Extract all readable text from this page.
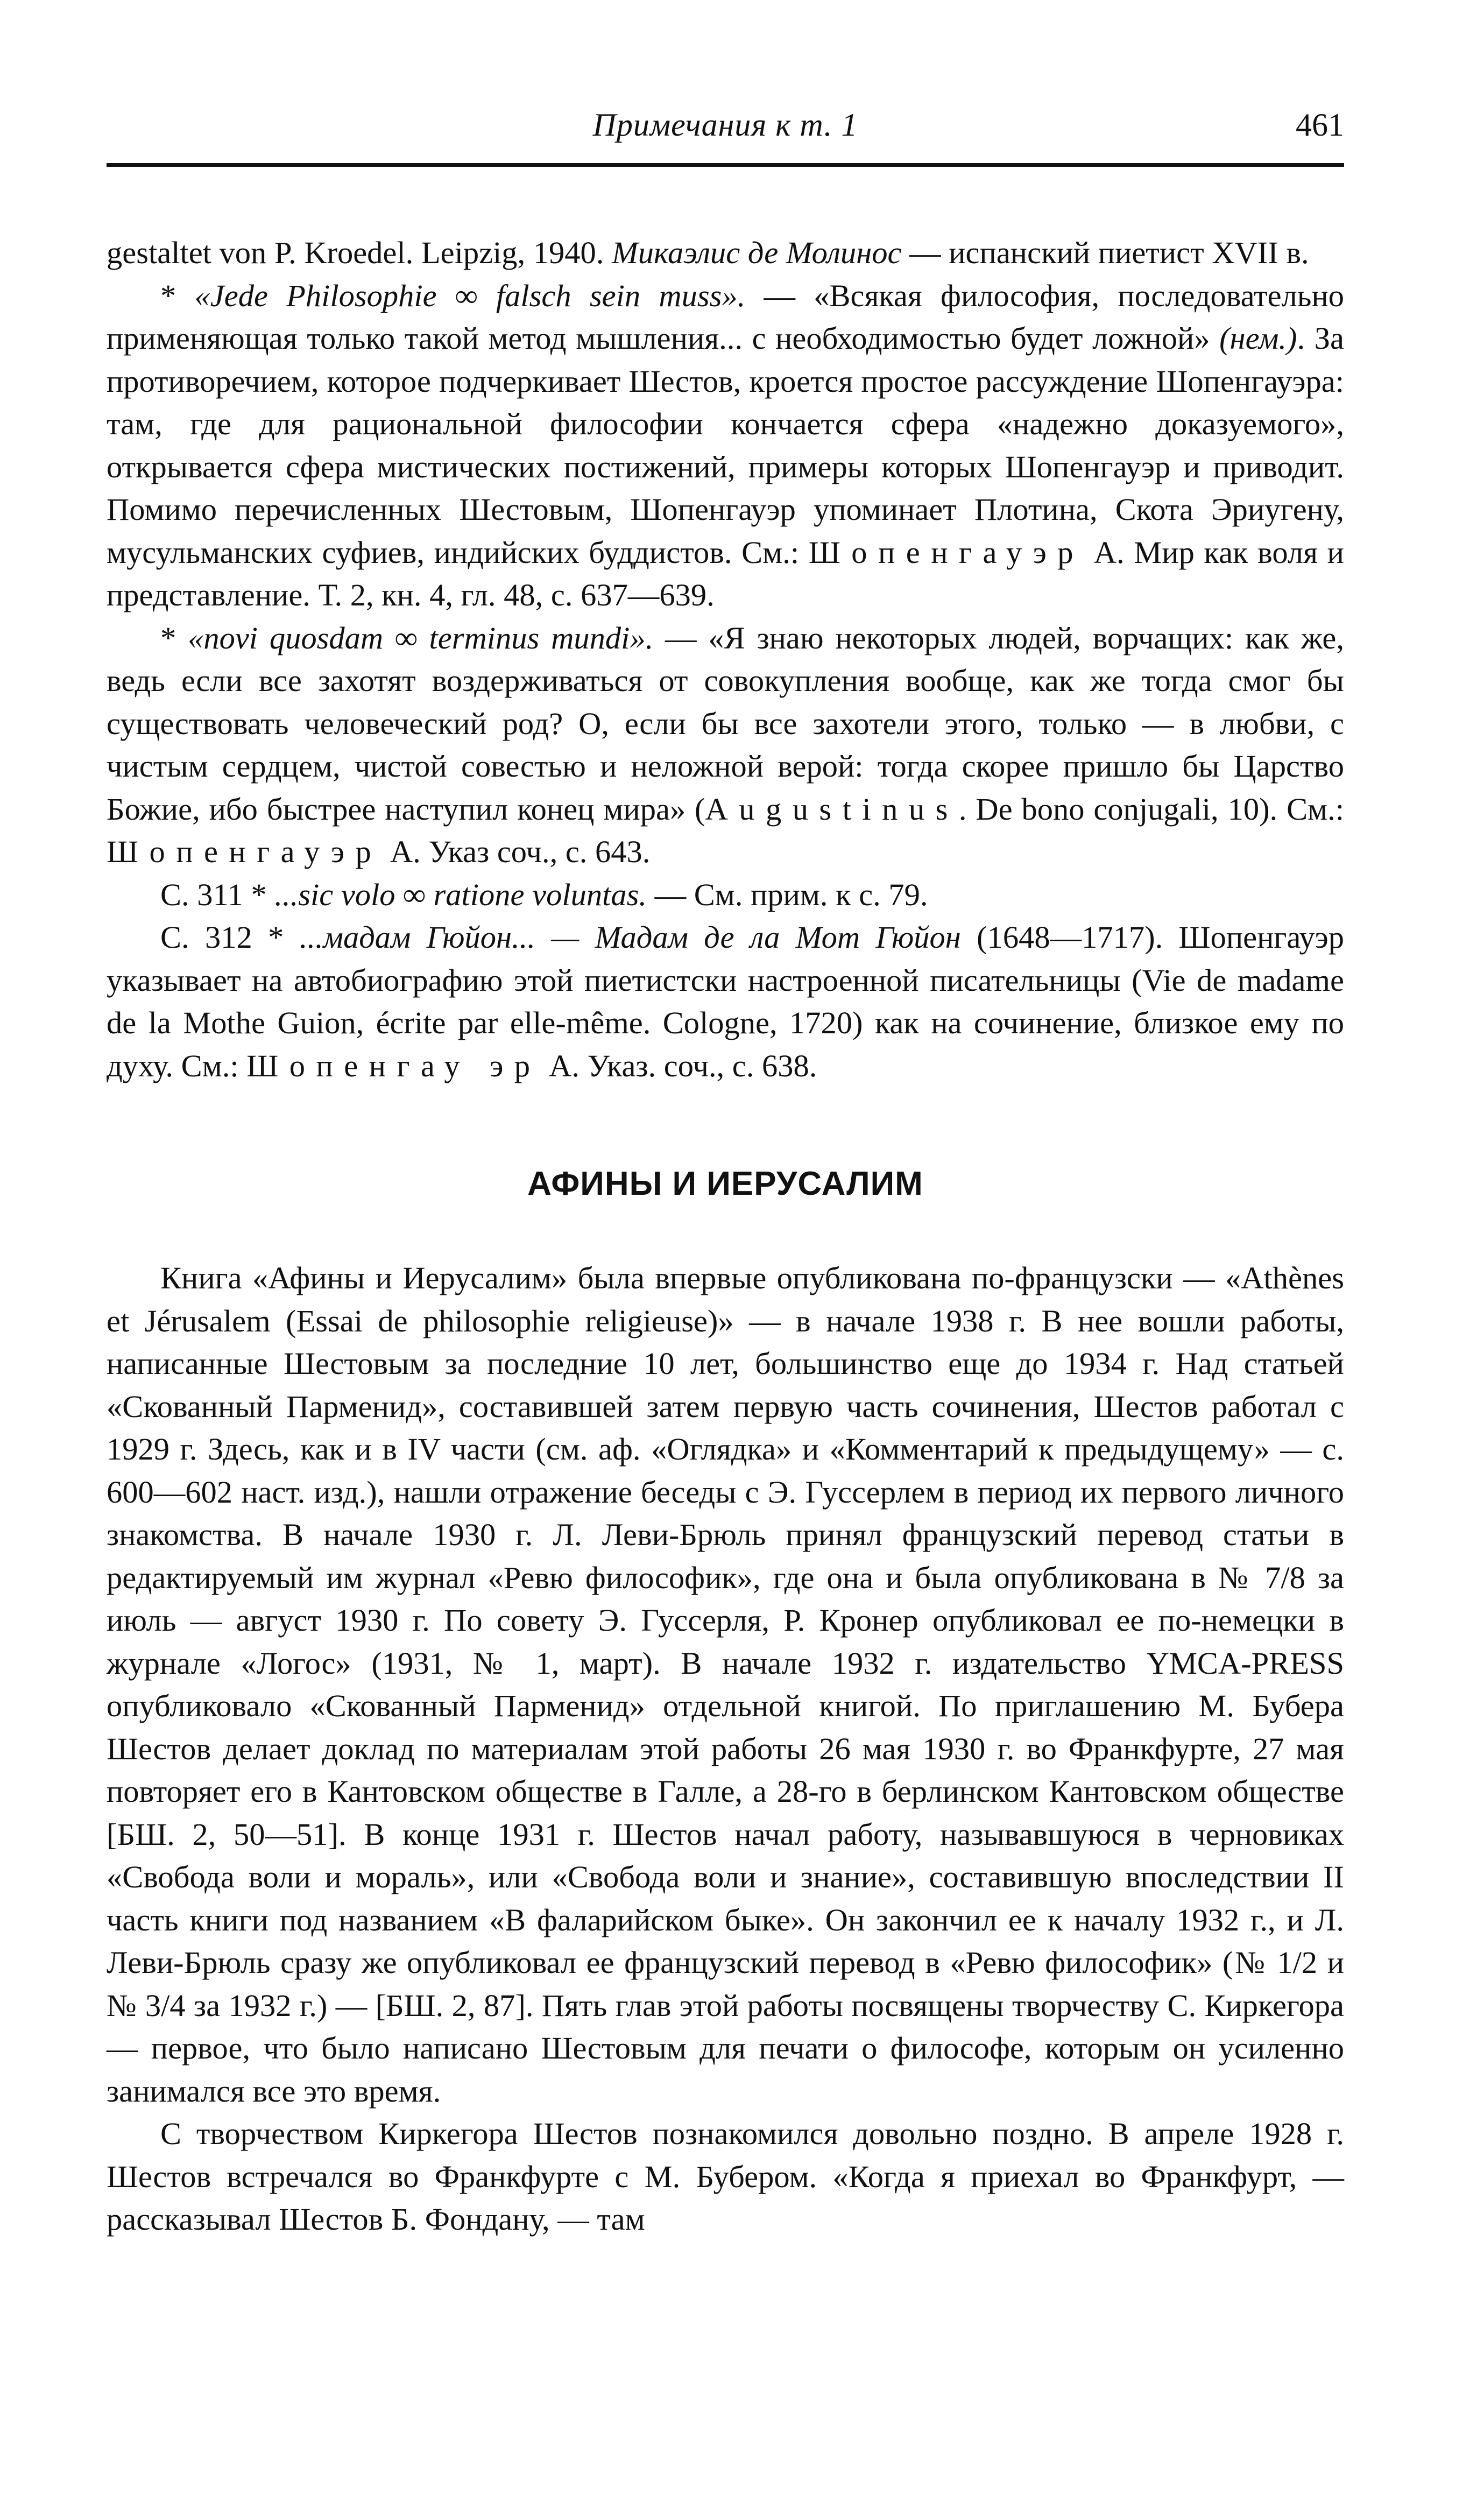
Примечания к т. 1	461

gestaltet von P. Kroedel. Leipzig, 1940. Микаэлис де Молинос — испанский пиетист XVII в.

* «Jede Philosophie ∞ falsch sein muss». — «Всякая философия, последовательно применяющая только такой метод мышления... с необходимостью будет ложной» (нем.). За противоречием, которое подчеркивает Шестов, кроется простое рассуждение Шопенгауэра: там, где для рациональной философии кончается сфера «надежно доказуемого», открывается сфера мистических постижений, примеры которых Шопенгауэр и приводит. Помимо перечисленных Шестовым, Шопенгауэр упоминает Плотина, Скота Эриугену, мусульманских суфиев, индийских буддистов. См.: Шопенгауэр А. Мир как воля и представление. Т. 2, кн. 4, гл. 48, с. 637—639.

* «novi quosdam ∞ terminus mundi». — «Я знаю некоторых людей, ворчащих: как же, ведь если все захотят воздерживаться от совокупления вообще, как же тогда смог бы существовать человеческий род? О, если бы все захотели этого, только — в любви, с чистым сердцем, чистой совестью и неложной верой: тогда скорее пришло бы Царство Божие, ибо быстрее наступил конец мира» (Augustinus. De bono conjugali, 10). См.: Шопенгауэр А. Указ соч., с. 643.

С. 311 * ...sic volo ∞ ratione voluntas. — См. прим. к с. 79.

С. 312 * ...мадам Гюйон... — Мадам де ла Мот Гюйон (1648—1717). Шопенгауэр указывает на автобиографию этой пиетистски настроенной писательницы (Vie de madame de la Mothe Guion, écrite par elle-même. Cologne, 1720) как на сочинение, близкое ему по духу. См.: Шопенгау эр А. Указ. соч., с. 638.

АФИНЫ И ИЕРУСАЛИМ

Книга «Афины и Иерусалим» была впервые опубликована по-французски — «Athènes et Jérusalem (Essai de philosophie religieuse)» — в начале 1938 г. В нее вошли работы, написанные Шестовым за последние 10 лет, большинство еще до 1934 г. Над статьей «Скованный Парменид», составившей затем первую часть сочинения, Шестов работал с 1929 г. Здесь, как и в IV части (см. аф. «Оглядка» и «Комментарий к предыдущему» — с. 600—602 наст. изд.), нашли отражение беседы с Э. Гуссерлем в период их первого личного знакомства. В начале 1930 г. Л. Леви-Брюль принял французский перевод статьи в редактируемый им журнал «Ревю философик», где она и была опубликована в № 7/8 за июль — август 1930 г. По совету Э. Гуссерля, Р. Кронер опубликовал ее по-немецки в журнале «Логос» (1931, № 1, март). В начале 1932 г. издательство YMCA-PRESS опубликовало «Скованный Парменид» отдельной книгой. По приглашению М. Бубера Шестов делает доклад по материалам этой работы 26 мая 1930 г. во Франкфурте, 27 мая повторяет его в Кантовском обществе в Галле, а 28-го в берлинском Кантовском обществе [БШ. 2, 50—51]. В конце 1931 г. Шестов начал работу, называвшуюся в черновиках «Свобода воли и мораль», или «Свобода воли и знание», составившую впоследствии II часть книги под названием «В фаларийском быке». Он закончил ее к началу 1932 г., и Л. Леви-Брюль сразу же опубликовал ее французский перевод в «Ревю философик» (№ 1/2 и № 3/4 за 1932 г.) — [БШ. 2, 87]. Пять глав этой работы посвящены творчеству С. Киркегора — первое, что было написано Шестовым для печати о философе, которым он усиленно занимался все это время.

С творчеством Киркегора Шестов познакомился довольно поздно. В апреле 1928 г. Шестов встречался во Франкфурте с М. Бубером. «Когда я приехал во Франкфурт, — рассказывал Шестов Б. Фондану, — там
